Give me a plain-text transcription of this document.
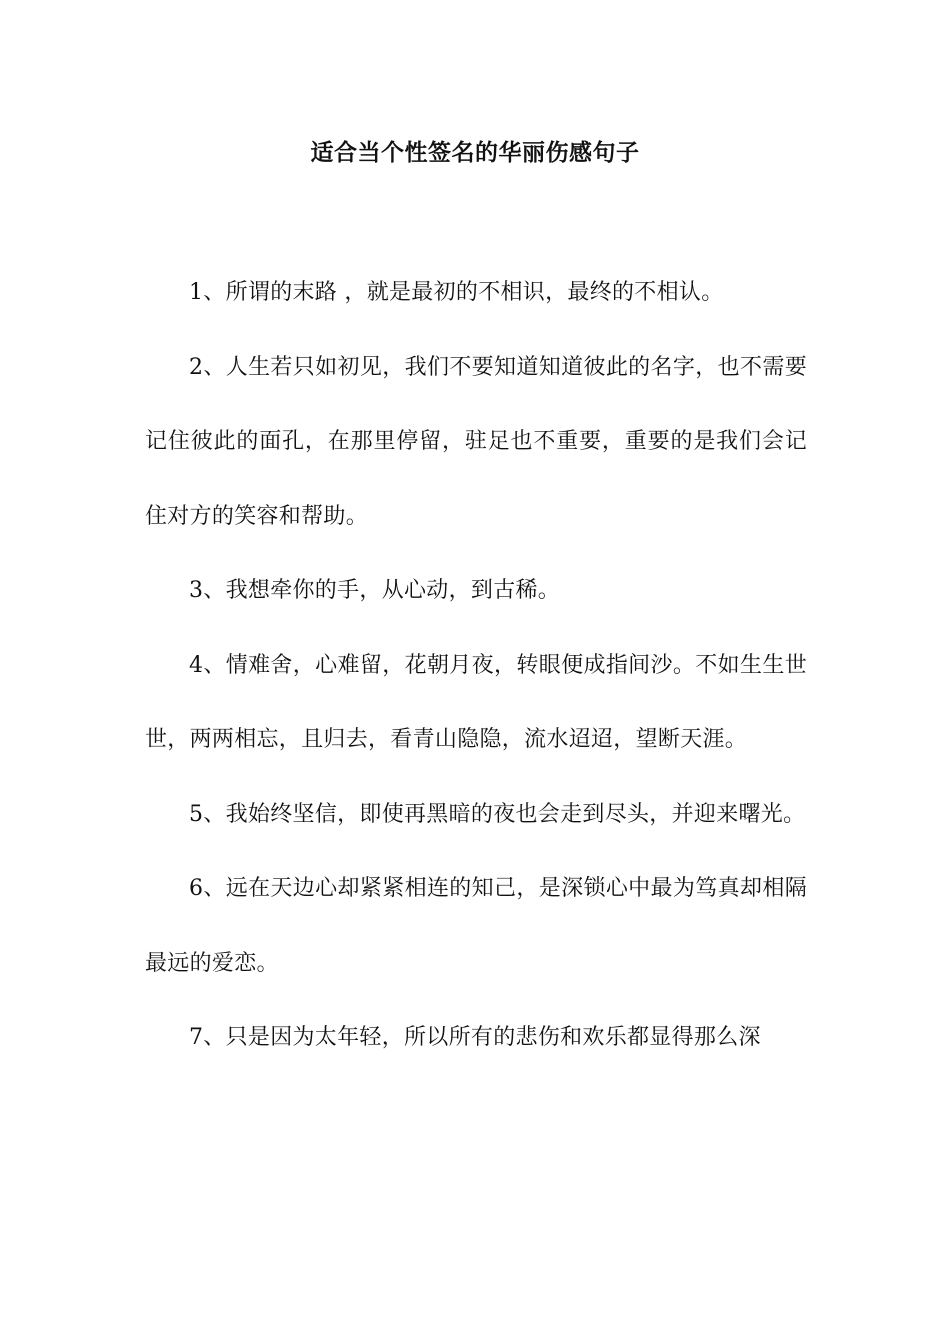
适合当个性签名的华丽伤感句子

1、所谓的末路 ，就是最初的不相识，最终的不相认。

2、人生若只如初见，我们不要知道知道彼此的名字，也不需要记住彼此的面孔，在那里停留，驻足也不重要，重要的是我们会记住对方的笑容和帮助。

3、我想牵你的手，从心动，到古稀。

4、情难舍，心难留，花朝月夜，转眼便成指间沙。不如生生世世，两两相忘，且归去，看青山隐隐，流水迢迢，望断天涯。

5、我始终坚信，即使再黑暗的夜也会走到尽头，并迎来曙光。

6、远在天边心却紧紧相连的知己，是深锁心中最为笃真却相隔最远的爱恋。

7、只是因为太年轻，所以所有的悲伤和欢乐都显得那么深
